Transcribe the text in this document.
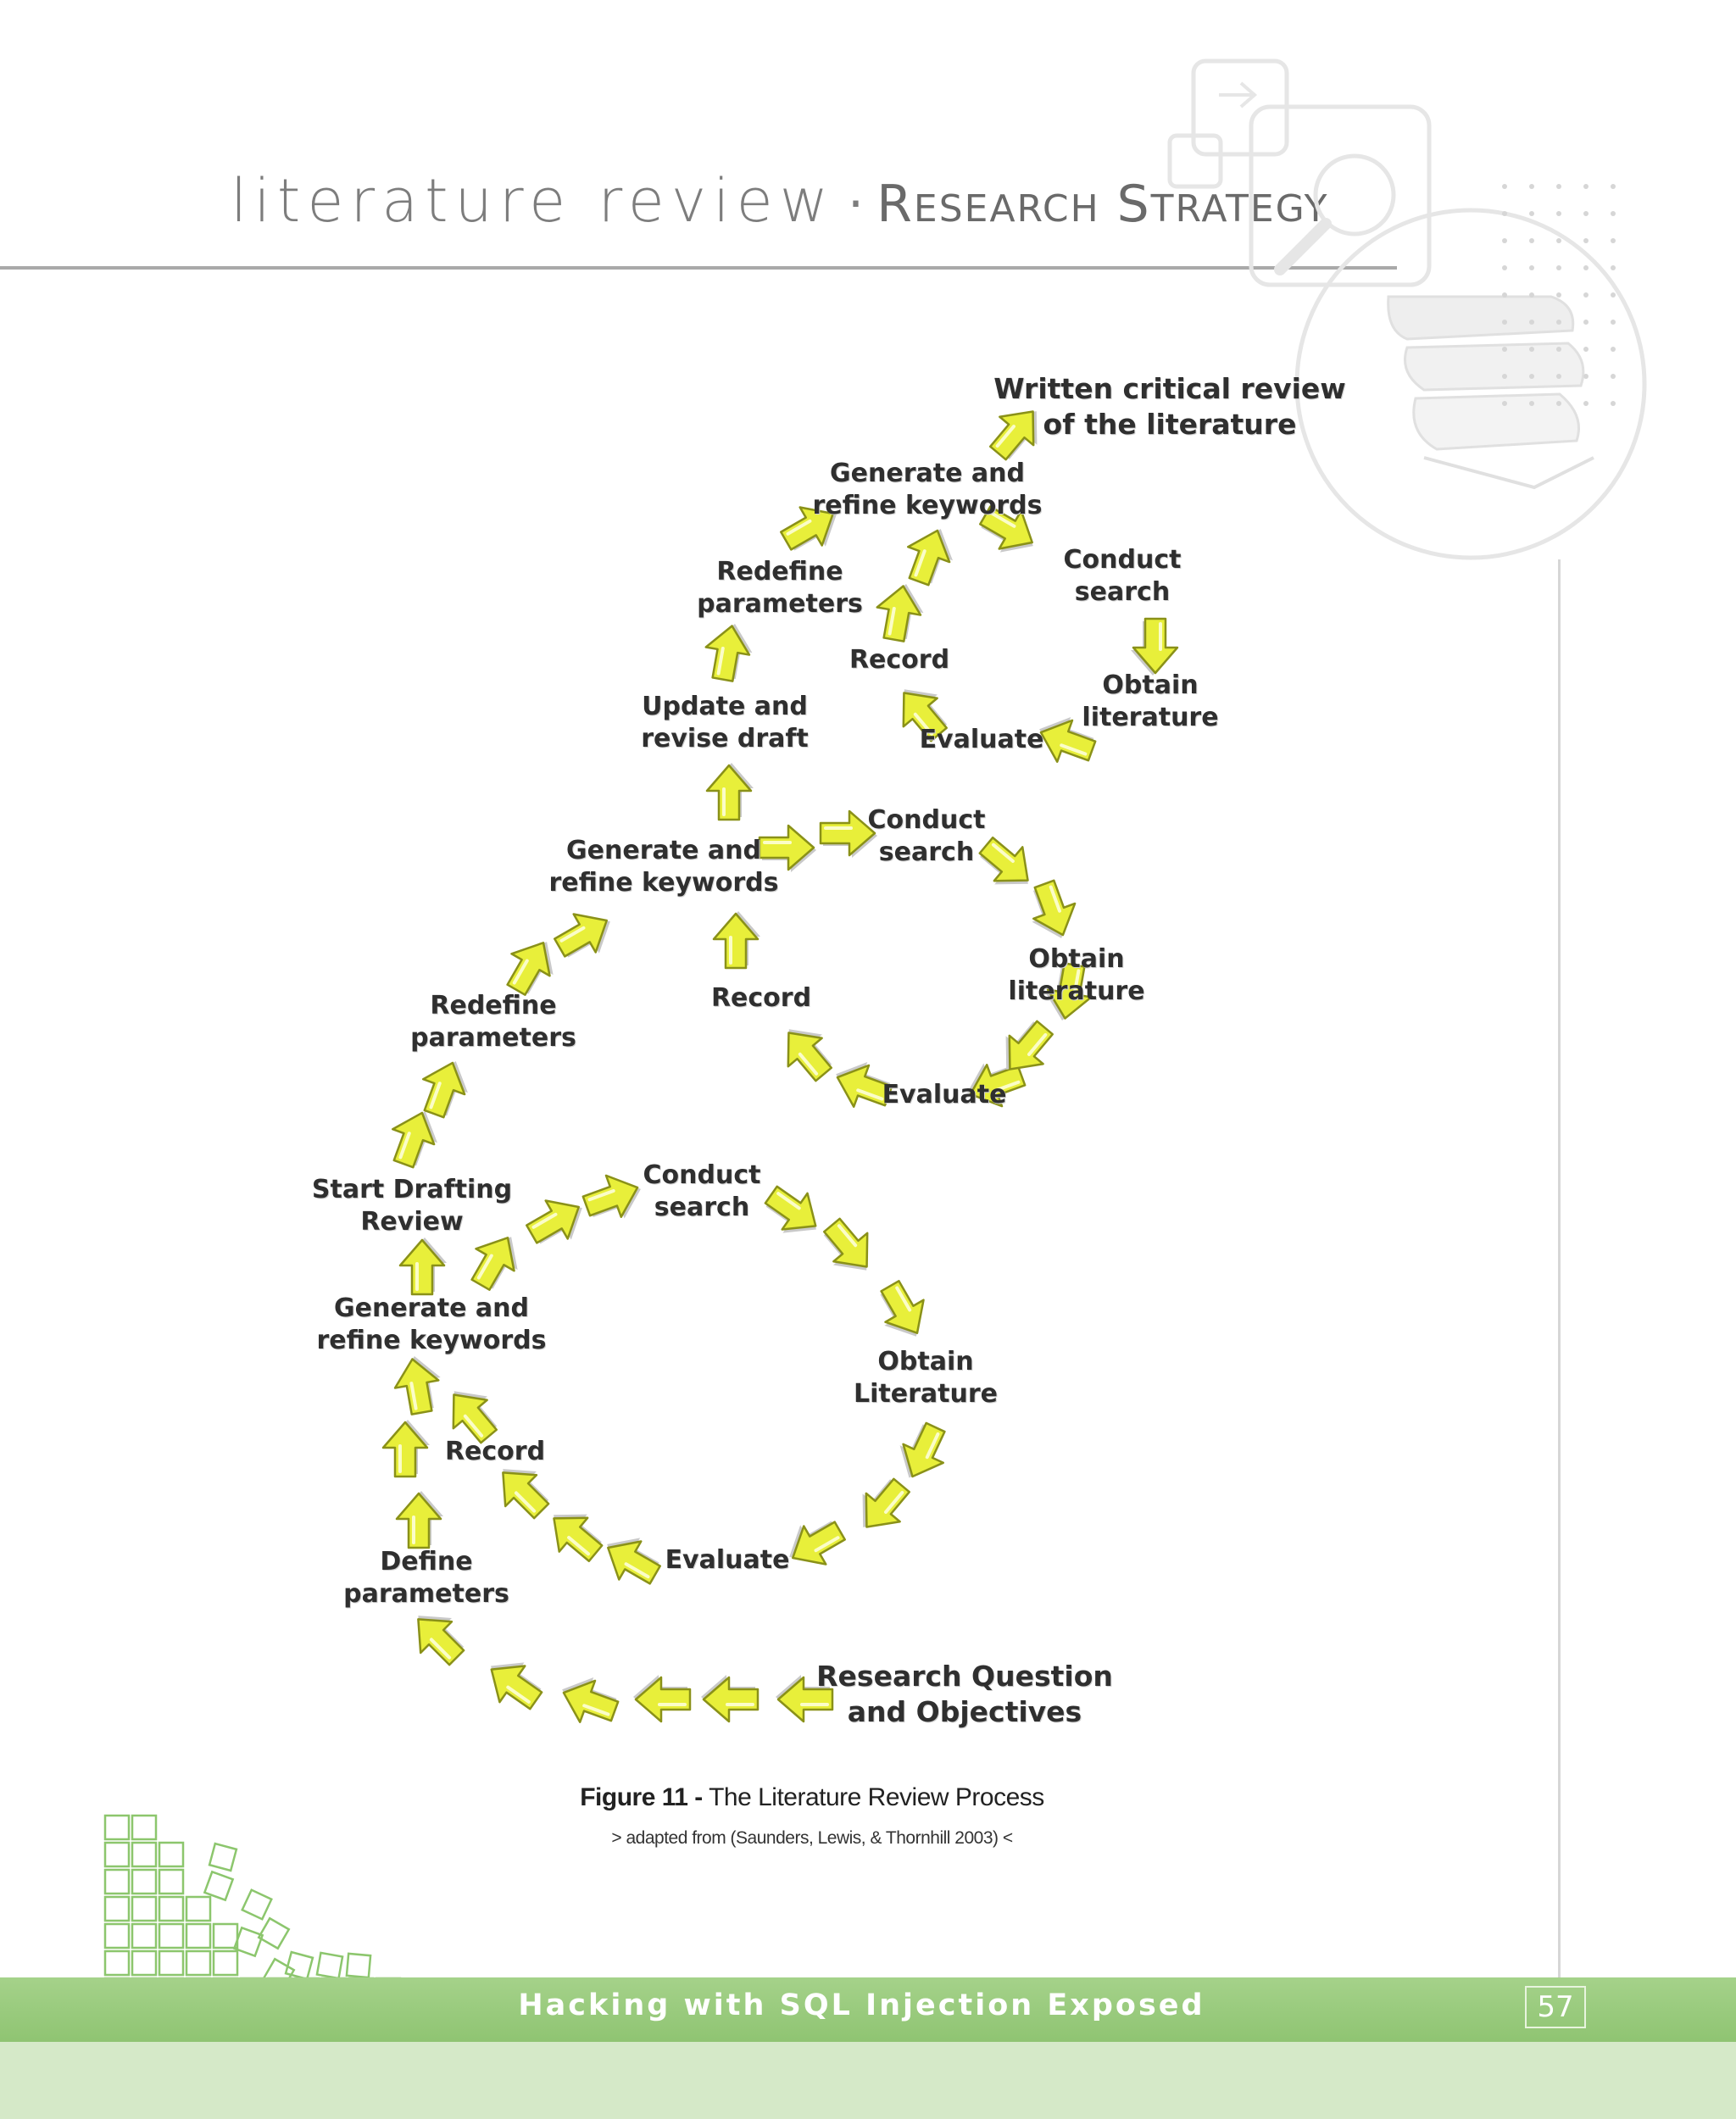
literature review · RESEARCH STRATEGY
Research Question
and Objectives
Define
parameters
Record
Evaluate
Obtain
Literature
Conduct
search
Generate and
refine keywords
Start Drafting
Review
Redefine
parameters
Generate and
refine keywords
Conduct
search
Obtain
literature
Evaluate
Record
Update and
revise draft
Redefine
parameters
Record
Generate and
refine keywords
Conduct
search
Obtain
literature
Evaluate
Written critical review
of the literature
Figure 11 - The Literature Review Process
> adapted from (Saunders, Lewis, & Thornhill 2003) <
Hacking with SQL Injection Exposed	57
